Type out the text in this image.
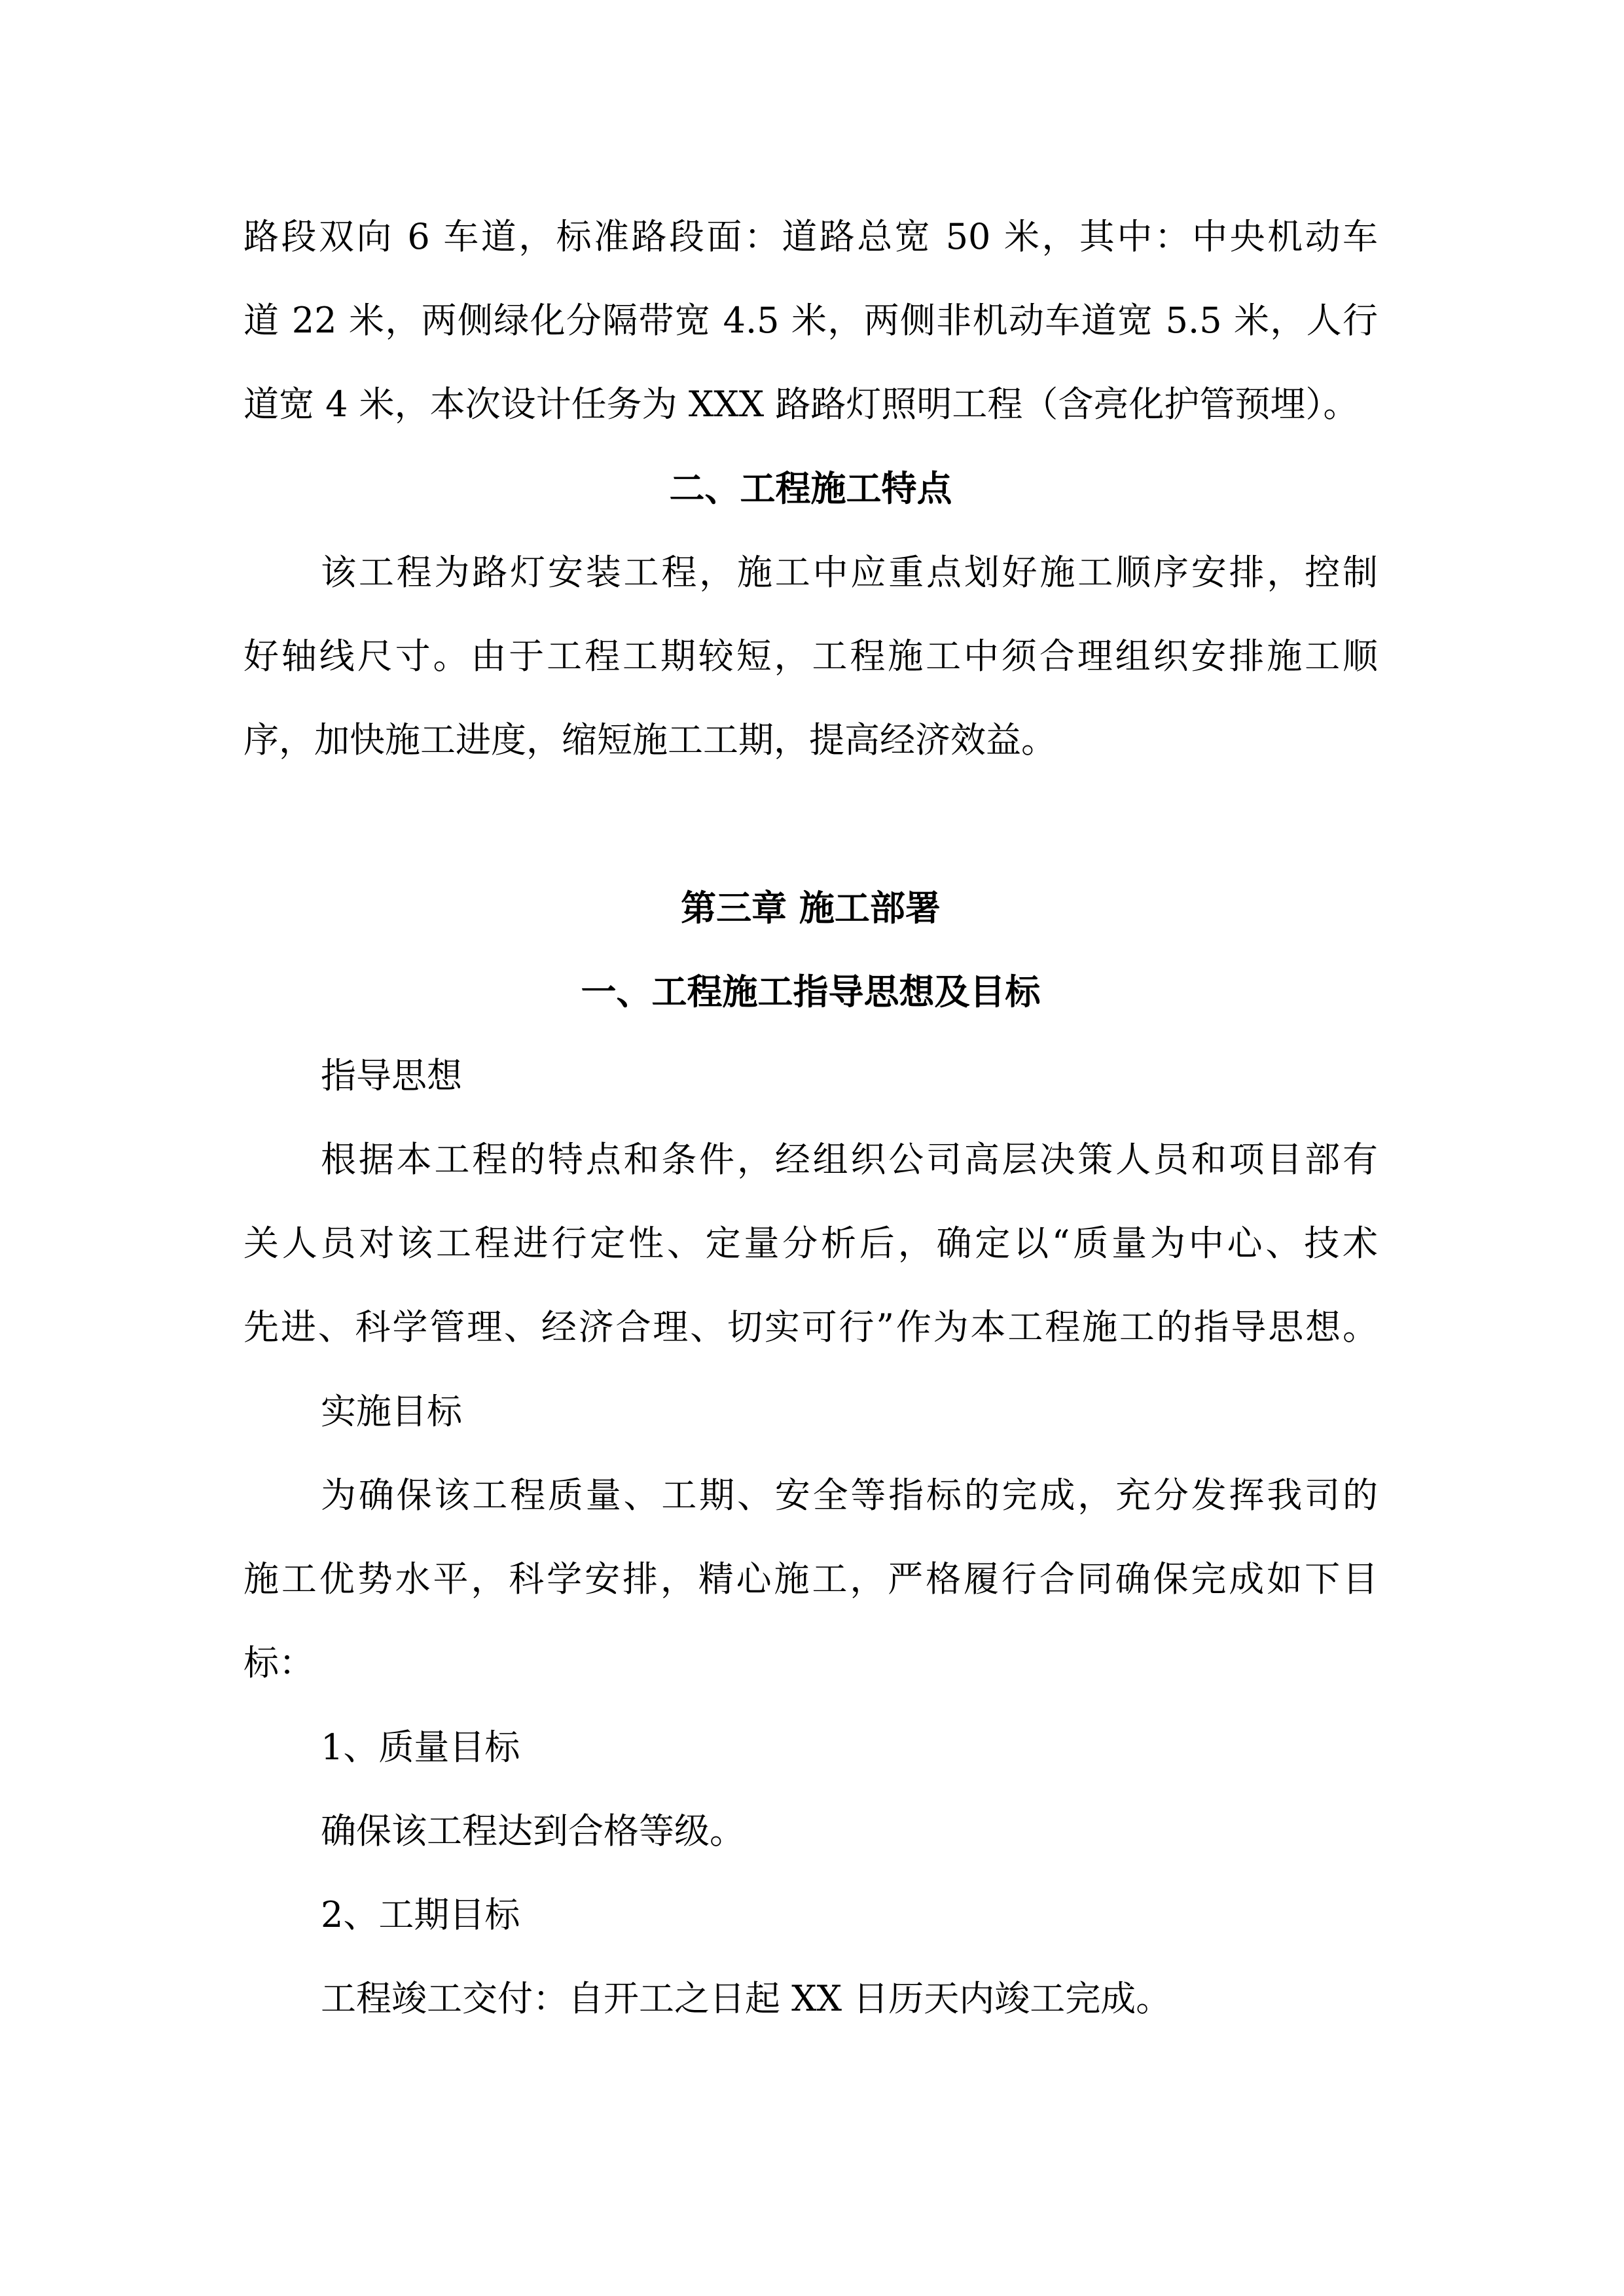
路段双向 6 车道，标准路段面：道路总宽 50 米，其中：中央机动车
道 22 米，两侧绿化分隔带宽 4.5 米，两侧非机动车道宽 5.5 米，人行
道宽 4 米，本次设计任务为 XXX 路路灯照明工程（含亮化护管预埋）。
二、工程施工特点
该工程为路灯安装工程，施工中应重点划好施工顺序安排，控制
好轴线尺寸。由于工程工期较短，工程施工中须合理组织安排施工顺
序，加快施工进度，缩短施工工期，提高经济效益。
第三章 施工部署
一、工程施工指导思想及目标
指导思想
根据本工程的特点和条件，经组织公司高层决策人员和项目部有
关人员对该工程进行定性、定量分析后，确定以“质量为中心、技术
先进、科学管理、经济合理、切实可行”作为本工程施工的指导思想。
实施目标
为确保该工程质量、工期、安全等指标的完成，充分发挥我司的
施工优势水平，科学安排，精心施工，严格履行合同确保完成如下目
标：
1、质量目标
确保该工程达到合格等级。
2、工期目标
工程竣工交付：自开工之日起 XX 日历天内竣工完成。
